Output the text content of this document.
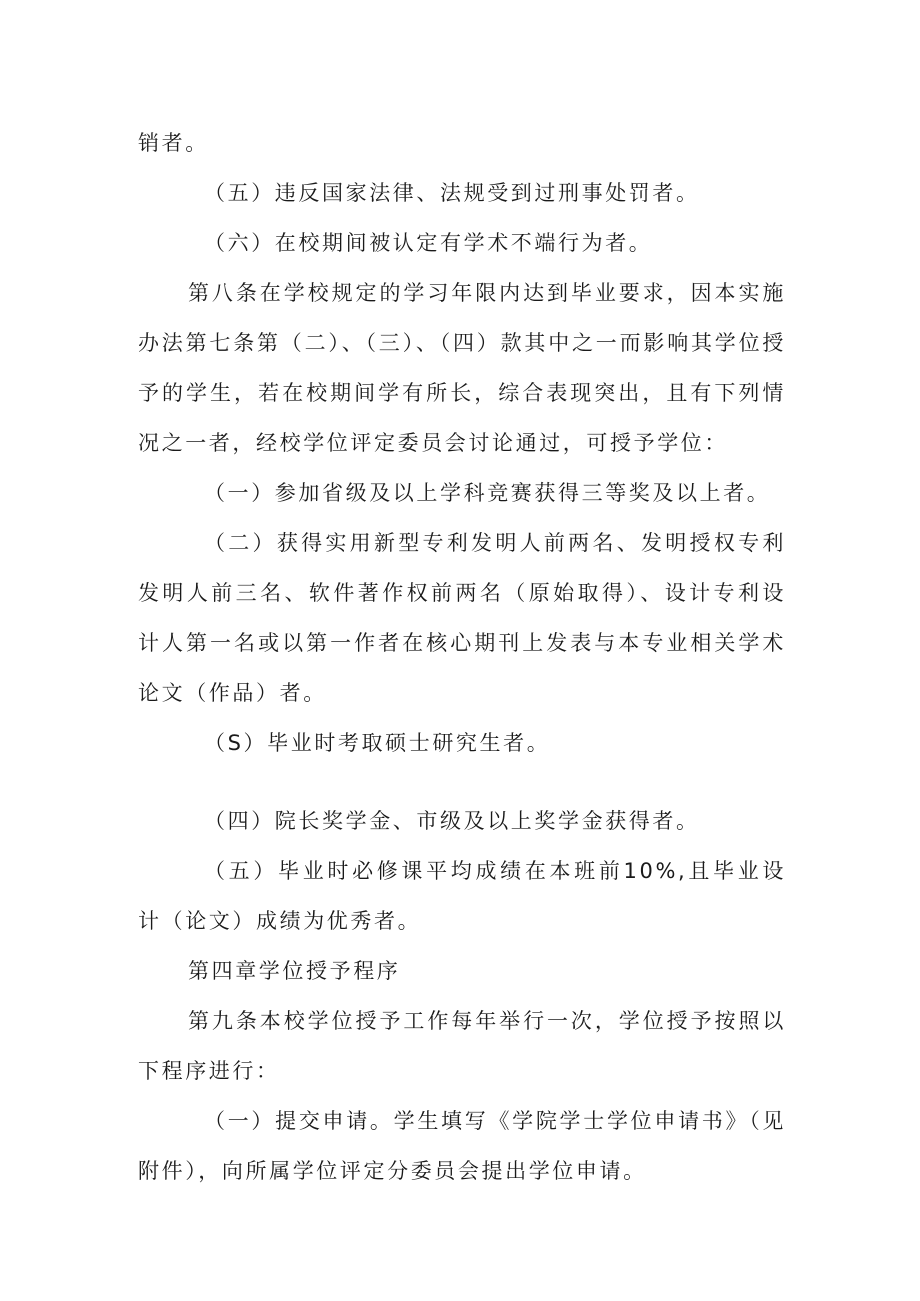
销者。

（五）违反国家法律、法规受到过刑事处罚者。

（六）在校期间被认定有学术不端行为者。

第八条在学校规定的学习年限内达到毕业要求，因本实施办法第七条第（二）、（三）、（四）款其中之一而影响其学位授予的学生，若在校期间学有所长，综合表现突出，且有下列情况之一者，经校学位评定委员会讨论通过，可授予学位：

（一）参加省级及以上学科竞赛获得三等奖及以上者。

（二）获得实用新型专利发明人前两名、发明授权专利发明人前三名、软件著作权前两名（原始取得）、设计专利设计人第一名或以第一作者在核心期刊上发表与本专业相关学术论文（作品）者。

（S）毕业时考取硕士研究生者。

（四）院长奖学金、市级及以上奖学金获得者。

（五）毕业时必修课平均成绩在本班前10%,且毕业设计（论文）成绩为优秀者。

第四章学位授予程序

第九条本校学位授予工作每年举行一次，学位授予按照以下程序进行：

（一）提交申请。学生填写《学院学士学位申请书》（见附件），向所属学位评定分委员会提出学位申请。
